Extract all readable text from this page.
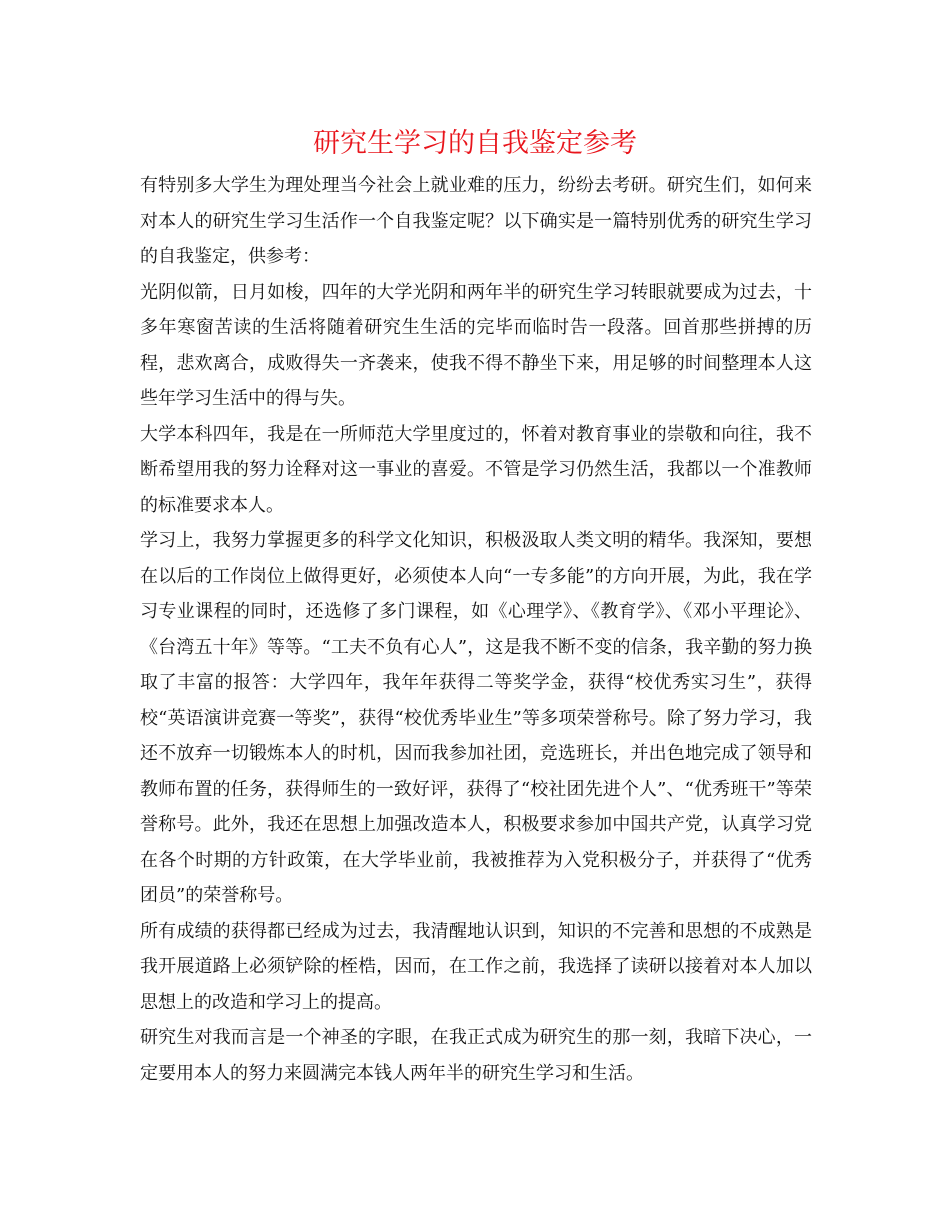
研究生学习的自我鉴定参考

有特别多大学生为理处理当今社会上就业难的压力，纷纷去考研。研究生们，如何来对本人的研究生学习生活作一个自我鉴定呢？以下确实是一篇特别优秀的研究生学习的自我鉴定，供参考：

光阴似箭，日月如梭，四年的大学光阴和两年半的研究生学习转眼就要成为过去，十多年寒窗苦读的生活将随着研究生生活的完毕而临时告一段落。回首那些拼搏的历程，悲欢离合，成败得失一齐袭来，使我不得不静坐下来，用足够的时间整理本人这些年学习生活中的得与失。

大学本科四年，我是在一所师范大学里度过的，怀着对教育事业的崇敬和向往，我不断希望用我的努力诠释对这一事业的喜爱。不管是学习仍然生活，我都以一个准教师的标准要求本人。

学习上，我努力掌握更多的科学文化知识，积极汲取人类文明的精华。我深知，要想在以后的工作岗位上做得更好，必须使本人向“一专多能”的方向开展，为此，我在学习专业课程的同时，还选修了多门课程，如《心理学》、《教育学》、《邓小平理论》、《台湾五十年》等等。“工夫不负有心人”，这是我不断不变的信条，我辛勤的努力换取了丰富的报答：大学四年，我年年获得二等奖学金，获得“校优秀实习生”，获得校“英语演讲竞赛一等奖”，获得“校优秀毕业生”等多项荣誉称号。除了努力学习，我还不放弃一切锻炼本人的时机，因而我参加社团，竞选班长，并出色地完成了领导和教师布置的任务，获得师生的一致好评，获得了“校社团先进个人”、“优秀班干”等荣誉称号。此外，我还在思想上加强改造本人，积极要求参加中国共产党，认真学习党在各个时期的方针政策，在大学毕业前，我被推荐为入党积极分子，并获得了“优秀团员”的荣誉称号。

所有成绩的获得都已经成为过去，我清醒地认识到，知识的不完善和思想的不成熟是我开展道路上必须铲除的桎梏，因而，在工作之前，我选择了读研以接着对本人加以思想上的改造和学习上的提高。

研究生对我而言是一个神圣的字眼，在我正式成为研究生的那一刻，我暗下决心，一定要用本人的努力来圆满完本钱人两年半的研究生学习和生活。
